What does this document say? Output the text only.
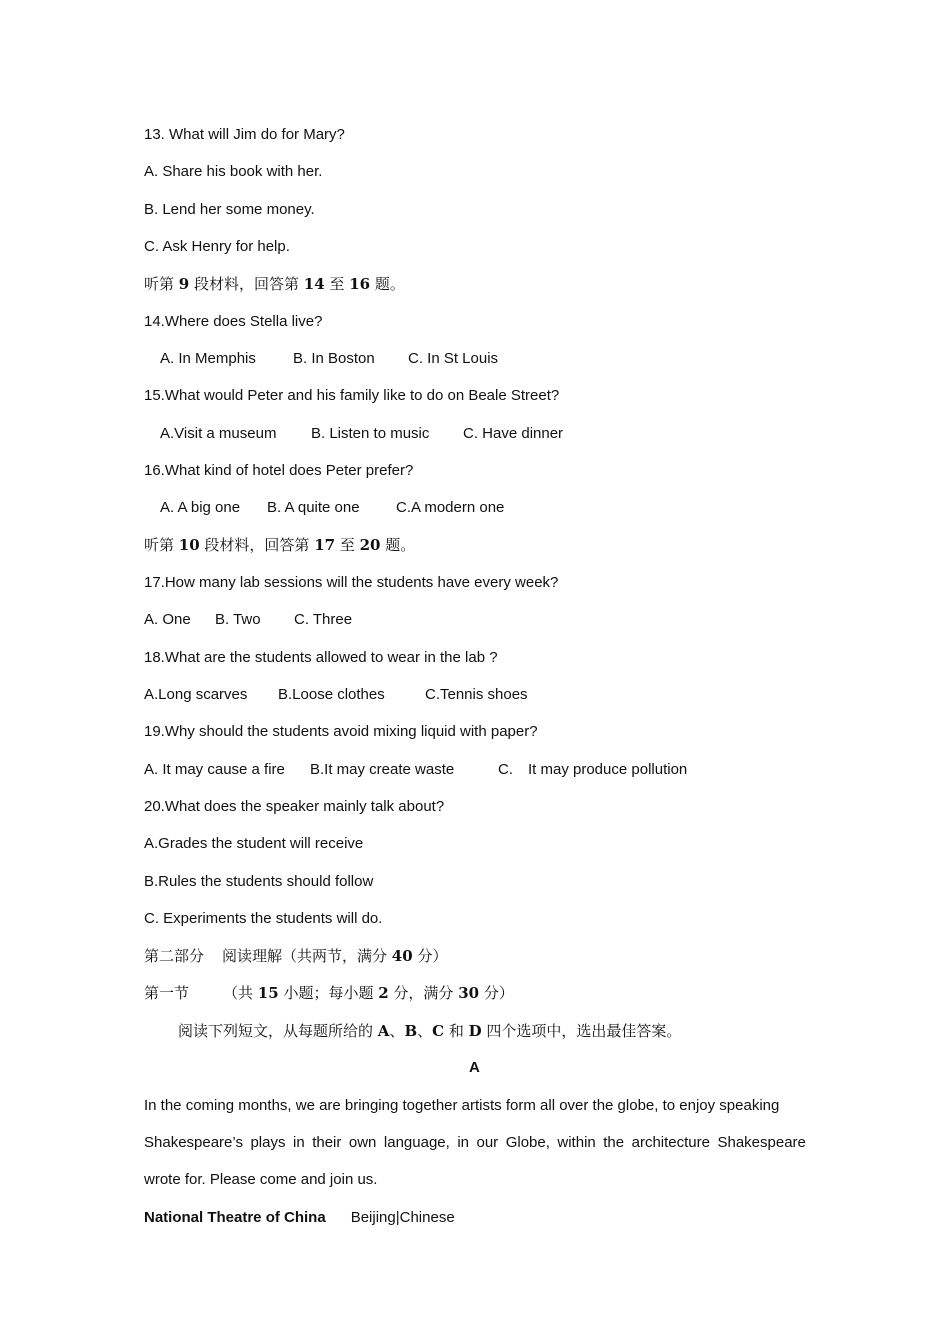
13. What will Jim do for Mary?
A. Share his book with her.
B. Lend her some money.
C. Ask Henry for help.
听第 9 段材料，回答第 14 至 16 题。
14.Where does Stella live?
A. In Memphis B. In Boston C. In St Louis
15.What would Peter and his family like to do on Beale Street?
A.Visit a museum B. Listen to music C. Have dinner
16.What kind of hotel does Peter prefer?
A. A big one B. A quite one C.A modern one
听第 10 段材料，回答第 17 至 20 题。
17.How many lab sessions will the students have every week?
A. One B. Two C. Three
18.What are the students allowed to wear in the lab ?
A.Long scarves B.Loose clothes	C.Tennis shoes
19.Why should the students avoid mixing liquid with paper?
A. It may cause a fire B.It may create waste	C. It may produce pollution
20.What does the speaker mainly talk about?
A.Grades the student will receive
B.Rules the students should follow
C. Experiments the students will do.
第二部分 阅读理解（共两节，满分 40 分）
第一节 （共 15 小题；每小题 2 分，满分 30 分）
阅读下列短文，从每题所给的 A、B、C 和 D 四个选项中，选出最佳答案。
A
In the coming months, we are bringing together artists form all over the globe, to enjoy speaking
Shakespeare’s plays in their own language, in our Globe, within the architecture Shakespeare
wrote for. Please come and join us.
National Theatre of China Beijing|Chinese
